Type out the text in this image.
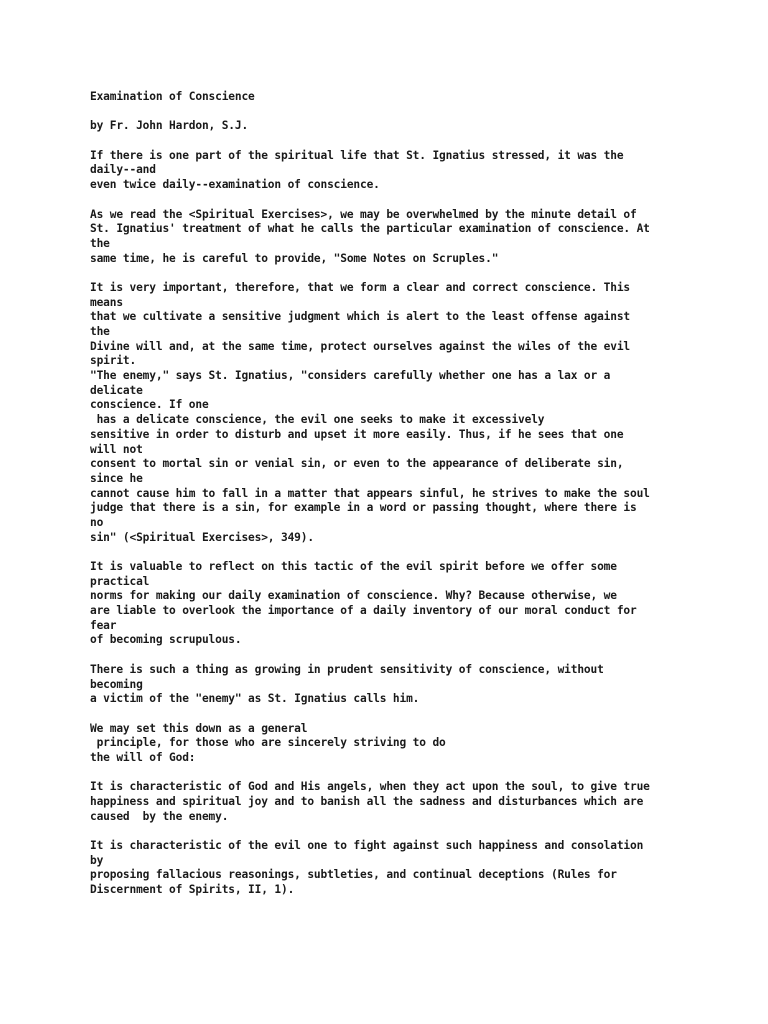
Examination of Conscience
by Fr. John Hardon, S.J.
If there is one part of the spiritual life that St. Ignatius stressed, it was the
daily--and
even twice daily--examination of conscience.
As we read the <Spiritual Exercises>, we may be overwhelmed by the minute detail of
St. Ignatius' treatment of what he calls the particular examination of conscience. At
the
same time, he is careful to provide, "Some Notes on Scruples."
It is very important, therefore, that we form a clear and correct conscience. This
means
that we cultivate a sensitive judgment which is alert to the least offense against
the
Divine will and, at the same time, protect ourselves against the wiles of the evil
spirit.
"The enemy," says St. Ignatius, "considers carefully whether one has a lax or a
delicate
conscience. If one
has a delicate conscience, the evil one seeks to make it excessively
sensitive in order to disturb and upset it more easily. Thus, if he sees that one
will not
consent to mortal sin or venial sin, or even to the appearance of deliberate sin,
since he
cannot cause him to fall in a matter that appears sinful, he strives to make the soul
judge that there is a sin, for example in a word or passing thought, where there is
no
sin" (<Spiritual Exercises>, 349).
It is valuable to reflect on this tactic of the evil spirit before we offer some
practical
norms for making our daily examination of conscience. Why? Because otherwise, we
are liable to overlook the importance of a daily inventory of our moral conduct for
fear
of becoming scrupulous.
There is such a thing as growing in prudent sensitivity of conscience, without
becoming
a victim of the "enemy" as St. Ignatius calls him.
We may set this down as a general
principle, for those who are sincerely striving to do
the will of God:
It is characteristic of God and His angels, when they act upon the soul, to give true
happiness and spiritual joy and to banish all the sadness and disturbances which are
caused  by the enemy.
It is characteristic of the evil one to fight against such happiness and consolation
by
proposing fallacious reasonings, subtleties, and continual deceptions (Rules for
Discernment of Spirits, II, 1).
